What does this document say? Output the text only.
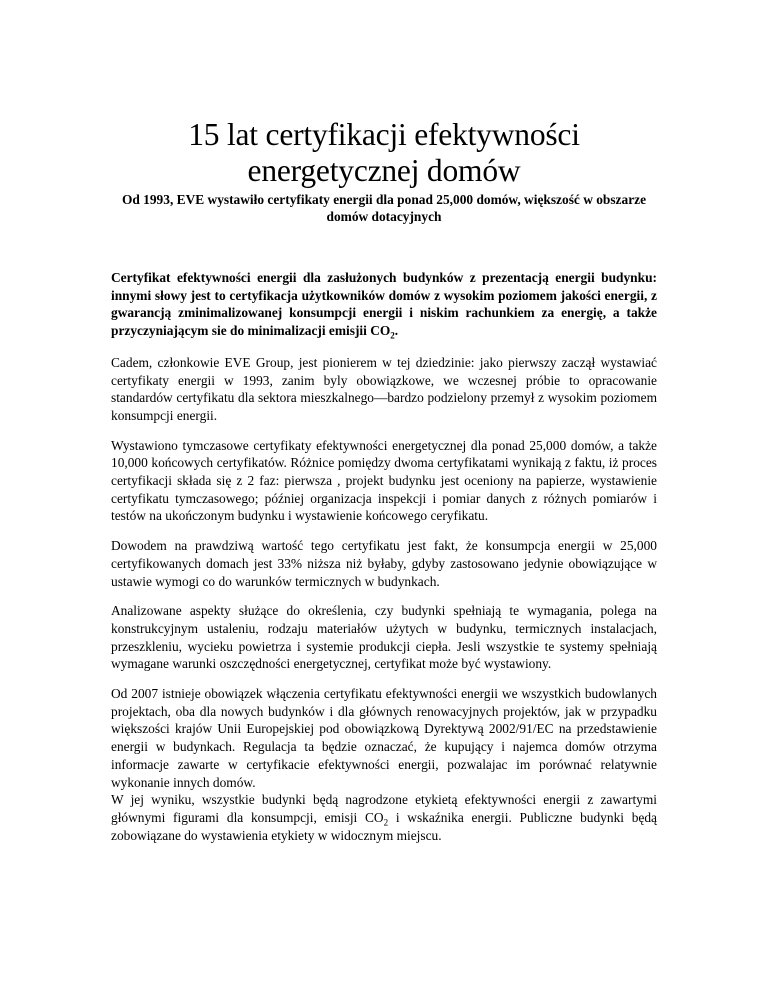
15 lat certyfikacji efektywności
energetycznej domów

Od 1993, EVE wystawiło certyfikaty energii dla ponad 25,000 domów, większość w obszarze domów dotacyjnych

Certyfikat efektywności energii dla zasłużonych budynków z prezentacją energii budynku: innymi słowy jest to certyfikacja użytkowników domów z wysokim poziomem jakości energii, z gwarancją zminimalizowanej konsumpcji energii i niskim rachunkiem za energię, a także przyczyniającym sie do minimalizacji emisjii $CO_2$.

Cadem, członkowie EVE Group, jest pionierem w tej dziedzinie: jako pierwszy zaczął wystawiać certyfikaty energii w 1993, zanim byly obowiązkowe, we wczesnej próbie to opracowanie standardów certyfikatu dla sektora mieszkalnego—bardzo podzielony przemył z wysokim poziomem konsumpcji energii.

Wystawiono tymczasowe certyfikaty efektywności energetycznej dla ponad 25,000 domów, a także 10,000 końcowych certyfikatów. Różnice pomiędzy dwoma certyfikatami wynikają z faktu, iż proces certyfikacji składa się z 2 faz: pierwsza , projekt budynku jest oceniony na papierze, wystawienie certyfikatu tymczasowego; później organizacja inspekcji i pomiar danych z różnych pomiarów i testów na ukończonym budynku i wystawienie końcowego ceryfikatu.

Dowodem na prawdziwą wartość tego certyfikatu jest fakt, że konsumpcja energii w 25,000 certyfikowanych domach jest 33% niższa niż byłaby, gdyby zastosowano jedynie obowiązujące w ustawie wymogi co do warunków termicznych w budynkach.

Analizowane aspekty służące do określenia, czy budynki spełniają te wymagania, polega na konstrukcyjnym ustaleniu, rodzaju materiałów użytych w budynku, termicznych instalacjach, przeszkleniu, wycieku powietrza i systemie produkcji ciepła. Jesli wszystkie te systemy spełniają wymagane warunki oszczędności energetycznej, certyfikat może być wystawiony.

Od 2007 istnieje obowiązek włączenia certyfikatu efektywności energii we wszystkich budowlanych projektach, oba dla nowych budynków i dla głównych renowacyjnych projektów, jak w przypadku większości krajów Unii Europejskiej pod obowiązkową Dyrektywą 2002/91/EC na przedstawienie energii w budynkach. Regulacja ta będzie oznaczać, że kupujący i najemca domów otrzyma informacje zawarte w certyfikacie efektywności energii, pozwalajac im porównać relatywnie wykonanie innych domów.

W jej wyniku, wszystkie budynki będą nagrodzone etykietą efektywności energii z zawartymi głównymi figurami dla konsumpcji, emisji $CO_2$ i wskaźnika energii. Publiczne budynki będą zobowiązane do wystawienia etykiety w widocznym miejscu.
